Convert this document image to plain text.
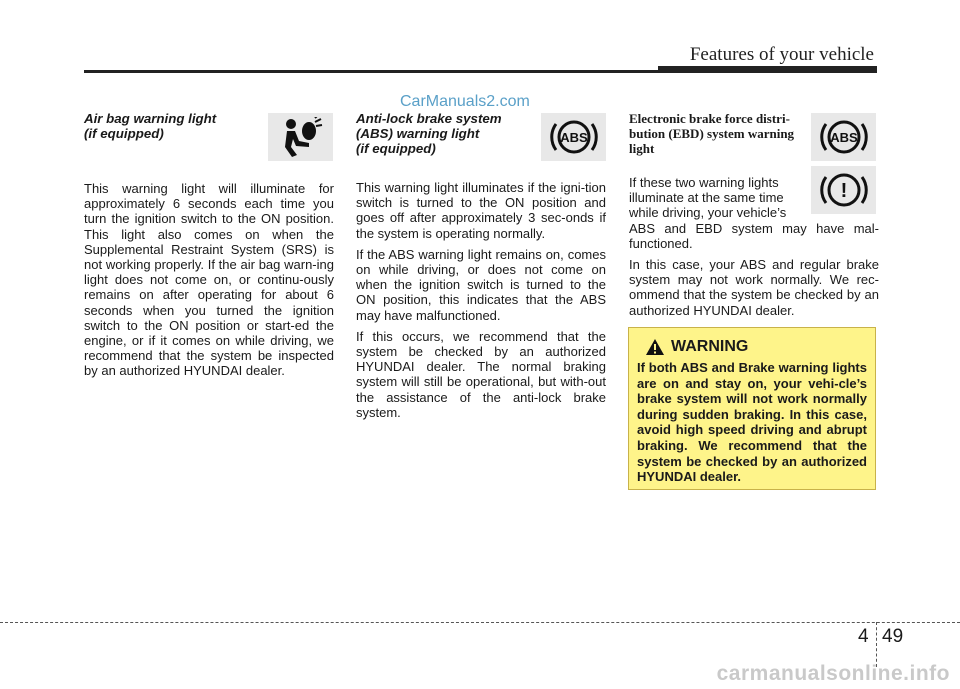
Features of your vehicle
CarManuals2.com
Air bag warning light
(if equipped)

This warning light will illuminate for approximately 6 seconds each time you turn the ignition switch to the ON position. This light also comes on when the Supplemental Restraint System (SRS) is not working properly. If the air bag warn-ing light does not come on, or continu-ously remains on after operating for about 6 seconds when you turned the ignition switch to the ON position or start-ed the engine, or if it comes on while driving, we recommend that the system be inspected by an authorized HYUNDAI dealer.

Anti-lock brake system
(ABS) warning light
(if equipped)

This warning light illuminates if the igni-tion switch is turned to the ON position and goes off after approximately 3 sec-onds if the system is operating normally.

If the ABS warning light remains on, comes on while driving, or does not come on when the ignition switch is turned to the ON position, this indicates that the ABS may have malfunctioned.

If this occurs, we recommend that the system be checked by an authorized HYUNDAI dealer. The normal braking system will still be operational, but with-out the assistance of the anti-lock brake system.

ABS
Electronic brake force distri-
bution (EBD) system warning
light
If these two warning lights
illuminate at the same time
while driving, your vehicle’s

ABS and EBD system may have mal-functioned.

In this case, your ABS and regular brake system may not work normally. We rec-ommend that the system be checked by an authorized HYUNDAI dealer.

ABS
!
WARNING
If both ABS and Brake warning lights are on and stay on, your vehi-cle’s brake system will not work normally during sudden braking. In this case, avoid high speed driving and abrupt braking. We recommend that the system be checked by an authorized HYUNDAI dealer.
4 49
carmanualsonline.info
